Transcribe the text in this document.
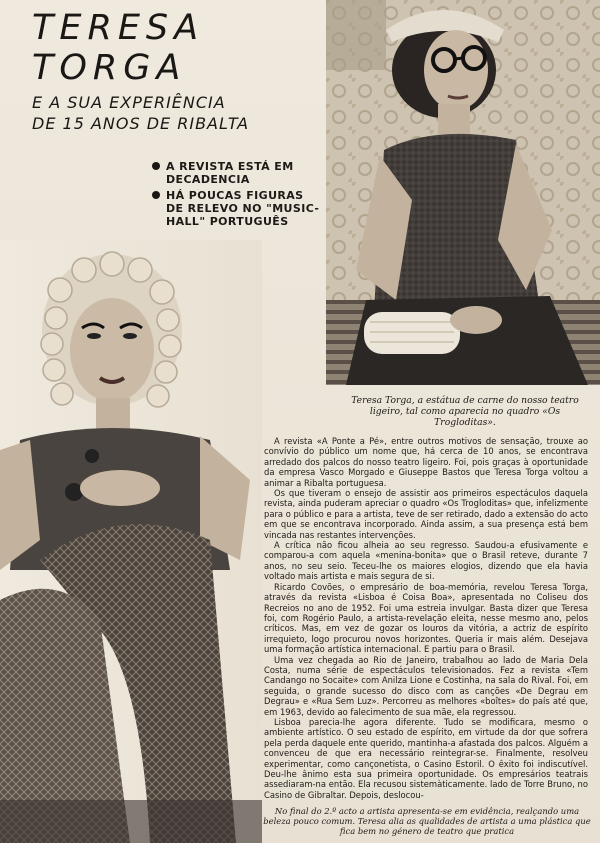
TERESA
TORGA
E A SUA EXPERIÊNCIA
DE 15 ANOS DE RIBALTA
A REVISTA ESTÁ EM DECADENCIA
HÁ POUCAS FIGURAS DE RELEVO NO "MUSIC-HALL" PORTUGUÊS

Teresa Torga, a estátua de carne do nosso teatro ligeiro, tal como aparecia no quadro «Os Trogloditas».

A revista «A Ponte a Pé», entre outros motivos de sensação, trouxe ao convívio do público um nome que, há cerca de 10 anos, se encontrava arredado dos palcos do nosso teatro ligeiro. Foi, pois graças à oportunidade da empresa Vasco Morgado e Giuseppe Bastos que Teresa Torga voltou a animar a Ribalta portuguesa.

Os que tiveram o ensejo de assistir aos primeiros espectáculos daquela revista, ainda puderam apreciar o quadro «Os Trogloditas» que, infelizmente para o público e para a artista, teve de ser retirado, dado a extensão do acto em que se encontrava incorporado. Ainda assim, a sua presença está bem vincada nas restantes intervenções.

A crítica não ficou alheia ao seu regresso. Saudou-a efusivamente e comparou-a com aquela «menina-bonita» que o Brasil reteve, durante 7 anos, no seu seio. Teceu-lhe os maiores elogios, dizendo que ela havia voltado mais artista e mais segura de si.

Ricardo Covões, o empresário de boa-memória, revelou Teresa Torga, através da revista «Lisboa é Coisa Boa», apresentada no Coliseu dos Recreios no ano de 1952. Foi uma estreia invulgar. Basta dizer que Teresa foi, com Rogério Paulo, a artista-revelação eleita, nesse mesmo ano, pelos críticos. Mas, em vez de gozar os louros da vitória, a actriz de espírito irrequieto, logo procurou novos horizontes. Queria ir mais além. Desejava uma formação artística internacional. E partiu para o Brasil.

Uma vez chegada ao Rio de Janeiro, trabalhou ao lado de Maria Dela Costa, numa série de espectáculos televisionados. Fez a revista «Tem Candango no Socaite» com Anilza Lione e Costinha, na sala do Rival. Foi, em seguida, o grande sucesso do disco com as canções «De Degrau em Degrau» e «Rua Sem Luz». Percorreu as melhores «boîtes» do país até que, em 1963, devido ao falecimento de sua mãe, ela regressou.

Lisboa parecia-lhe agora diferente. Tudo se modificara, mesmo o ambiente artístico. O seu estado de espírito, em virtude da dor que sofrera pela perda daquele ente querido, mantinha-a afastada dos palcos. Alguém a convenceu de que era necessário reintegrar-se. Finalmente, resolveu experimentar, como cançonetista, o Casino Estoril. O êxito foi indiscutível. Deu-lhe ânimo esta sua primeira oportunidade. Os empresários teatrais assediaram-na então. Ela recusou sistemàticamente. lado de Torre Bruno, no Casino de Gibraltar. Depois, deslocou-

No final do 2.º acto a artista apresenta-se em evidência, realçando uma beleza pouco comum. Teresa alia as qualidades de artista a uma plástica que fica bem no género de teatro que pratica
